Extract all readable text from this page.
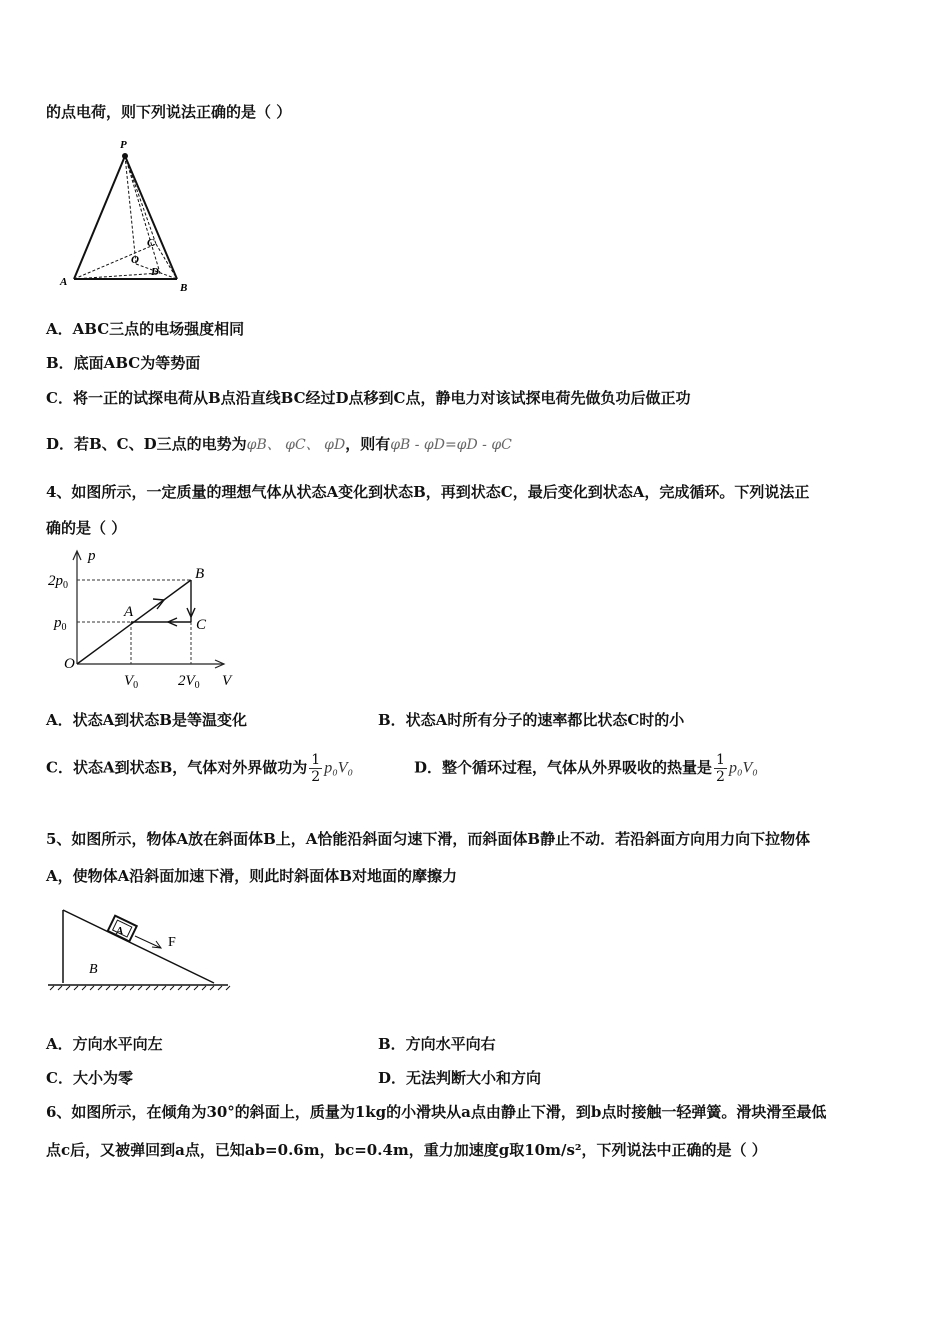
的点电荷，则下列说法正确的是（ ）
P
A	B
C
O
D
A．ABC三点的电场强度相同
B．底面ABC为等势面
C．将一正的试探电荷从B点沿直线BC经过D点移到C点，静电力对该试探电荷先做负功后做正功
D．若B、C、D三点的电势为φB、 φC、 φD，则有φB - φD=φD - φC
4、如图所示，一定质量的理想气体从状态A变化到状态B，再到状态C，最后变化到状态A，完成循环。下列说法正
确的是（ ）
p
V
O
A
B
C
$2p_0$
$p_0$
$V_0$	$2V_0$
A．状态A到状态B是等温变化	B．状态A时所有分子的速率都比状态C时的小
C．状态A到状态B，气体对外界做功为 $\frac{1}{2} p_0V_0$	D．整个循环过程，气体从外界吸收的热量是 $\frac{1}{2} p_0V_0$
5、如图所示，物体A放在斜面体B上，A恰能沿斜面匀速下滑，而斜面体B静止不动．若沿斜面方向用力向下拉物体
A，使物体A沿斜面加速下滑，则此时斜面体B对地面的摩擦力
A
F
B
A．方向水平向左	B．方向水平向右
C．大小为零	D．无法判断大小和方向
6、如图所示，在倾角为30°的斜面上，质量为1kg的小滑块从a点由静止下滑，到b点时接触一轻弹簧。滑块滑至最低
点c后，又被弹回到a点，已知ab=0.6m，bc=0.4m，重力加速度g取10m/s²，下列说法中正确的是（ ）
